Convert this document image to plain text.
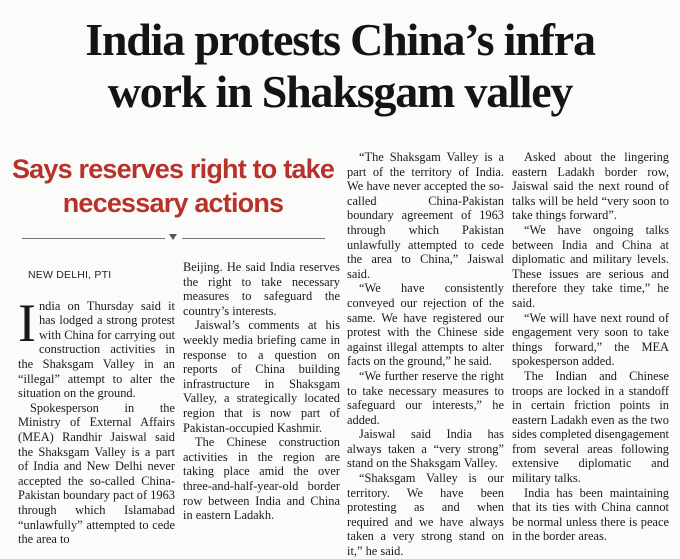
India protests China’s infra
work in Shaksgam valley
Says reserves right to take
necessary actions
NEW DELHI, PTI

India on Thursday said it has lodged a strong protest with China for carrying out construction activities in the Shaksgam Valley in an “illegal” attempt to alter the situation on the ground.

Spokesperson in the Ministry of External Affairs (MEA) Randhir Jaiswal said the Shaksgam Valley is a part of India and New Delhi never accepted the so-called China-Pakistan boundary pact of 1963 through which Islamabad “unlawfully” attempted to cede the area to

Beijing. He said India reserves the right to take necessary measures to safeguard the country’s interests.

Jaiswal’s comments at his weekly media briefing came in response to a question on reports of China building infrastructure in Shaksgam Valley, a strategically located region that is now part of Pakistan-occupied Kashmir.

The Chinese construction activities in the region are taking place amid the over three-and-half-year-old border row between India and China in eastern Ladakh.

“The Shaksgam Valley is a part of the territory of India. We have never accepted the so-called China-Pakistan boundary agreement of 1963 through which Pakistan unlawfully attempted to cede the area to China,” Jaiswal said.

“We have consistently conveyed our rejection of the same. We have registered our protest with the Chinese side against illegal attempts to alter facts on the ground,” he said.

“We further reserve the right to take necessary measures to safeguard our interests,” he added.

Jaiswal said India has always taken a “very strong” stand on the Shaksgam Valley.

“Shaksgam Valley is our territory. We have been protesting as and when required and we have always taken a very strong stand on it,” he said.

Asked about the lingering eastern Ladakh border row, Jaiswal said the next round of talks will be held “very soon to take things forward”.

“We have ongoing talks between India and China at diplomatic and military levels. These issues are serious and therefore they take time,” he said.

“We will have next round of engagement very soon to take things forward,” the MEA spokesperson added.

The Indian and Chinese troops are locked in a standoff in certain friction points in eastern Ladakh even as the two sides completed disengagement from several areas following extensive diplomatic and military talks.

India has been maintaining that its ties with China cannot be normal unless there is peace in the border areas.
